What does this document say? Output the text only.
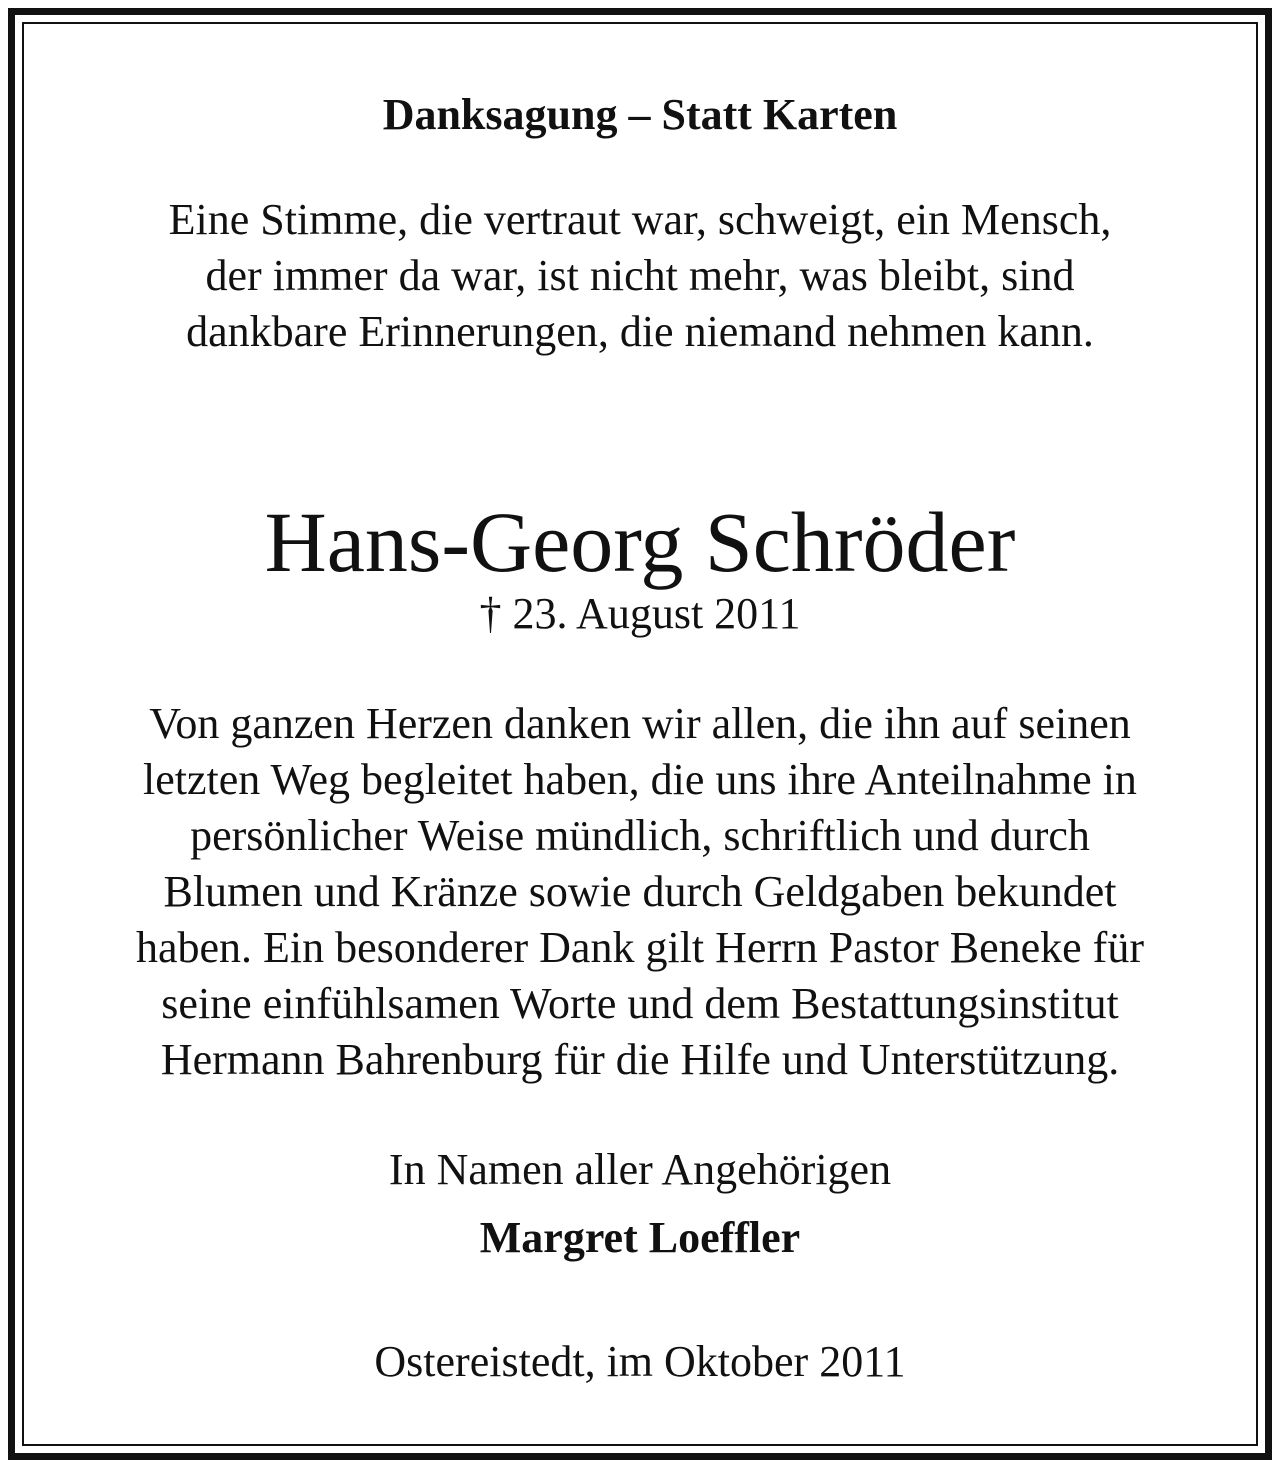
Danksagung – Statt Karten
Eine Stimme, die vertraut war, schweigt, ein Mensch,
der immer da war, ist nicht mehr, was bleibt, sind
dankbare Erinnerungen, die niemand nehmen kann.
Hans-Georg Schröder
† 23. August 2011
Von ganzen Herzen danken wir allen, die ihn auf seinen
letzten Weg begleitet haben, die uns ihre Anteilnahme in
persönlicher Weise mündlich, schriftlich und durch
Blumen und Kränze sowie durch Geldgaben bekundet
haben. Ein besonderer Dank gilt Herrn Pastor Beneke für
seine einfühlsamen Worte und dem Bestattungsinstitut
Hermann Bahrenburg für die Hilfe und Unterstützung.
In Namen aller Angehörigen
Margret Loeffler
Ostereistedt, im Oktober 2011
